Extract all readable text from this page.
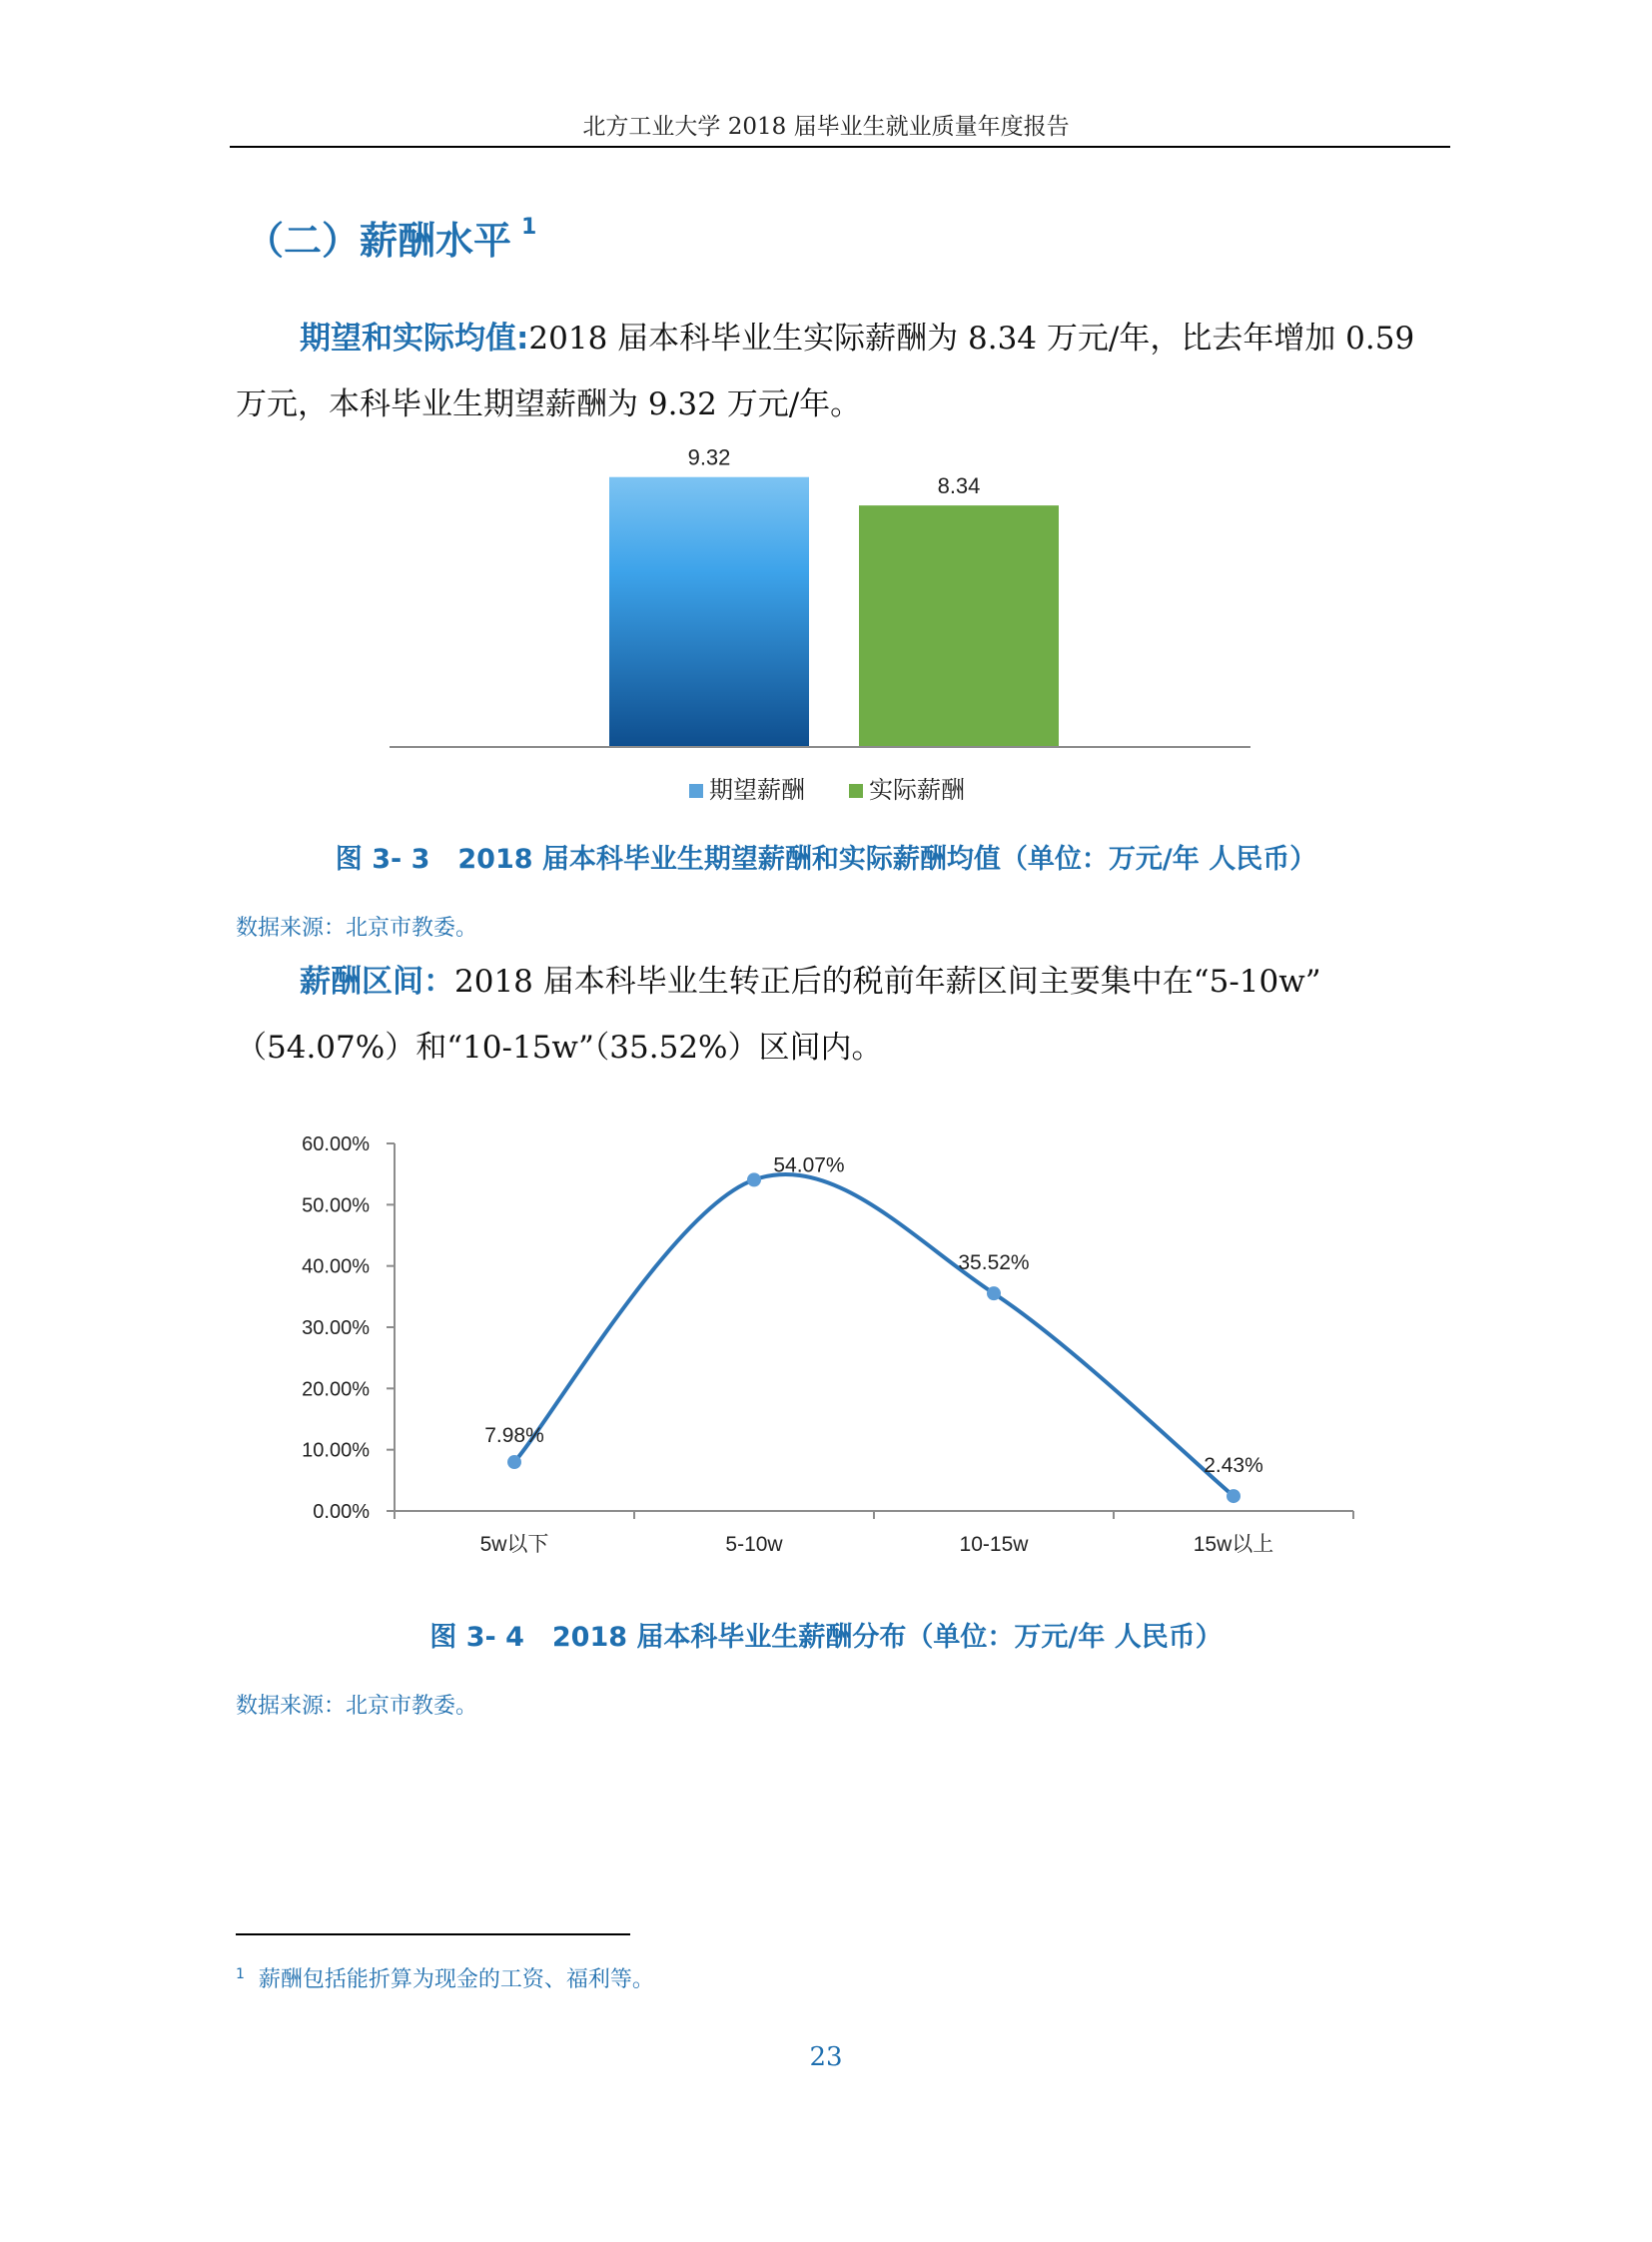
北方工业大学 2018 届毕业生就业质量年度报告
（二）薪酬水平 $^1$
期望和实际均值:2018 届本科毕业生实际薪酬为 8.34 万元/年，比去年增加 0.59
万元，本科毕业生期望薪酬为 9.32 万元/年。
9.32
8.34
期望薪酬	实际薪酬
图 3- 3 2018 届本科毕业生期望薪酬和实际薪酬均值（单位：万元/年 人民币）
数据来源：北京市教委。
薪酬区间：2018 届本科毕业生转正后的税前年薪区间主要集中在“5-10w”
（54.07%）和“10-15w”（35.52%）区间内。
0.00%
10.00%
20.00%
30.00%
40.00%
50.00%
60.00%
5w以下	5-10w	10-15w	15w以上
7.98%
54.07%
35.52%
2.43%
图 3- 4 2018 届本科毕业生薪酬分布（单位：万元/年 人民币）
数据来源：北京市教委。
$^1$ 薪酬包括能折算为现金的工资、福利等。
23
